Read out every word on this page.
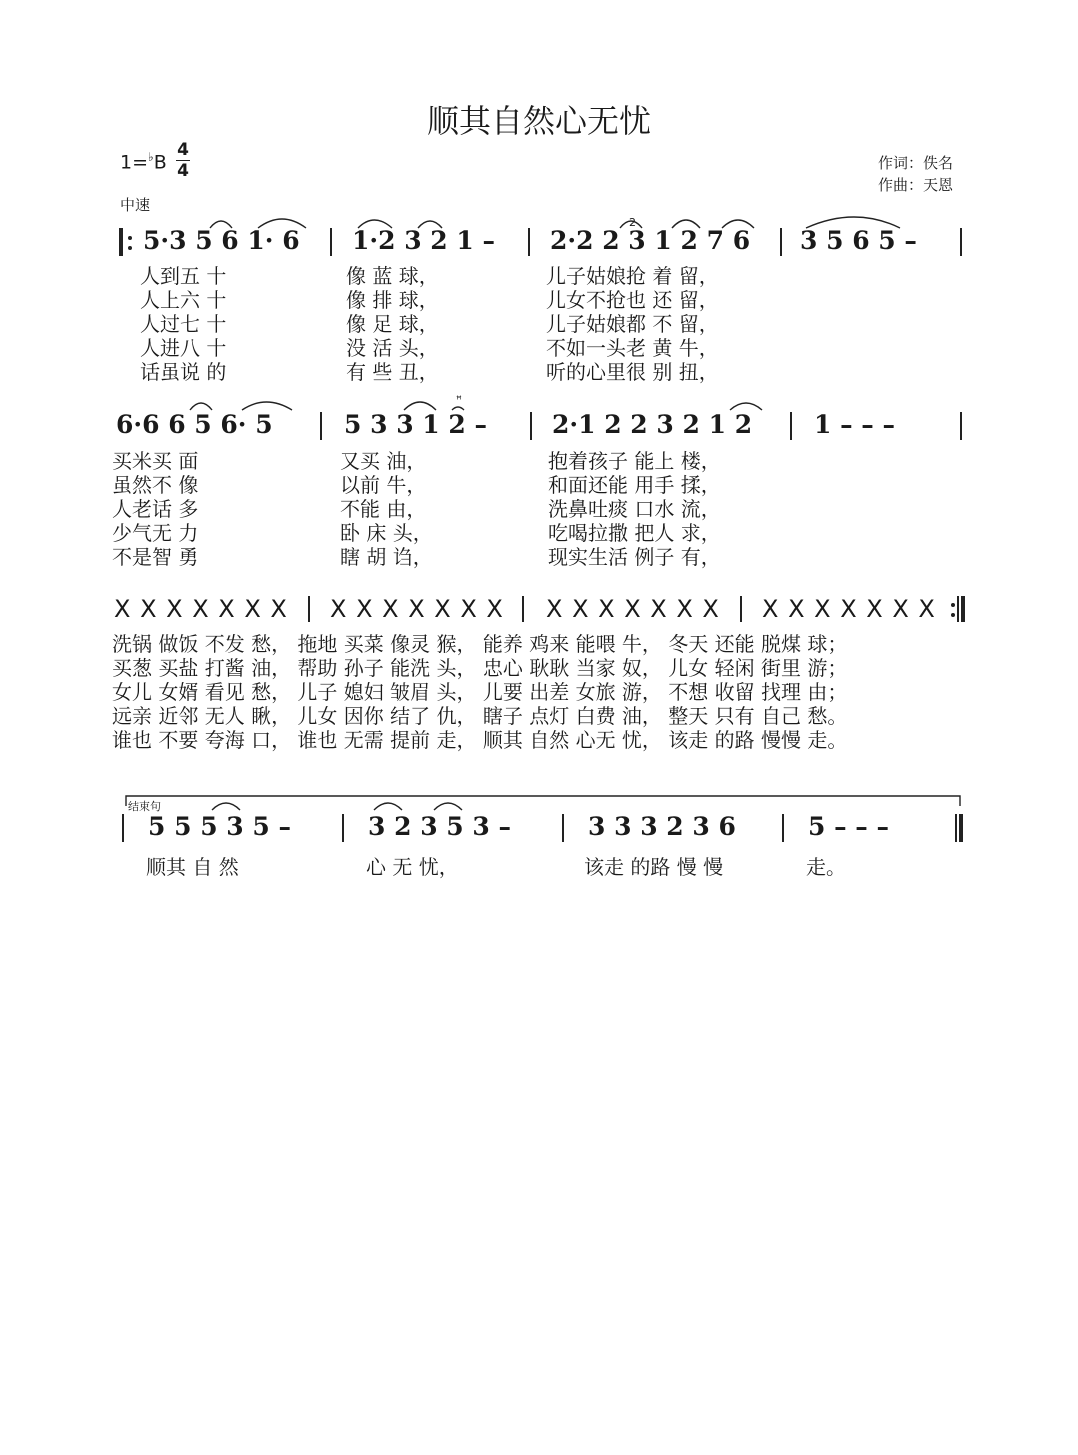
顺其自然心无忧
1=♭B
4
4
中速
作词：佚名
作曲：天恩
ꟸ
5·3 5 6 1· 6 1·2 3 2 1 –
2
2·2 2 3 1 2 7 6 3 5 6 5 –
人到五 十
人上六 十
人过七 十
人进八 十
话虽说 的
像 蓝 球，
像 排 球，
像 足 球，
没 活 头，
有 些 丑，
儿子姑娘抢 着 留，
儿女不抢也 还 留，
儿子姑娘都 不 留，
不如一头老 黄 牛，
听的心里很 别 扭，
6·6 6 5 6· 5	5 3 3 1 2 –	2·1 2 2 3 2 1 2 1 – – –
买米买 面
虽然不 像
人老话 多
少气无 力
不是智 勇
又买 油，
以前 牛，
不能 由，
卧 床 头，
瞎 胡 诌，
抱着孩子 能上 楼，
和面还能 用手 揉，
洗鼻吐痰 口水 流，
吃喝拉撒 把人 求，
现实生活 例子 有，
X X X X X X X X X X X X X X X X X X X X X X X X X X X X
洗锅 做饭 不发 愁， 拖地 买菜 像灵 猴， 能养 鸡来 能喂 牛， 冬天 还能 脱煤 球；
买葱 买盐 打酱 油， 帮助 孙子 能洗 头， 忠心 耿耿 当家 奴， 儿女 轻闲 街里 游；
女儿 女婿 看见 愁， 儿子 媳妇 皱眉 头， 儿要 出差 女旅 游， 不想 收留 找理 由；
远亲 近邻 无人 瞅， 儿女 因你 结了 仇， 瞎子 点灯 白费 油， 整天 只有 自己 愁。
谁也 不要 夸海 口， 谁也 无需 提前 走， 顺其 自然 心无 忧， 该走 的路 慢慢 走。
结束句
5 5 5 3 5 –	3 2 3 5 3 –	3 3 3 2 3 6	5 – – –
顺其 自 然	心 无 忧，	该走 的路 慢 慢	走。
